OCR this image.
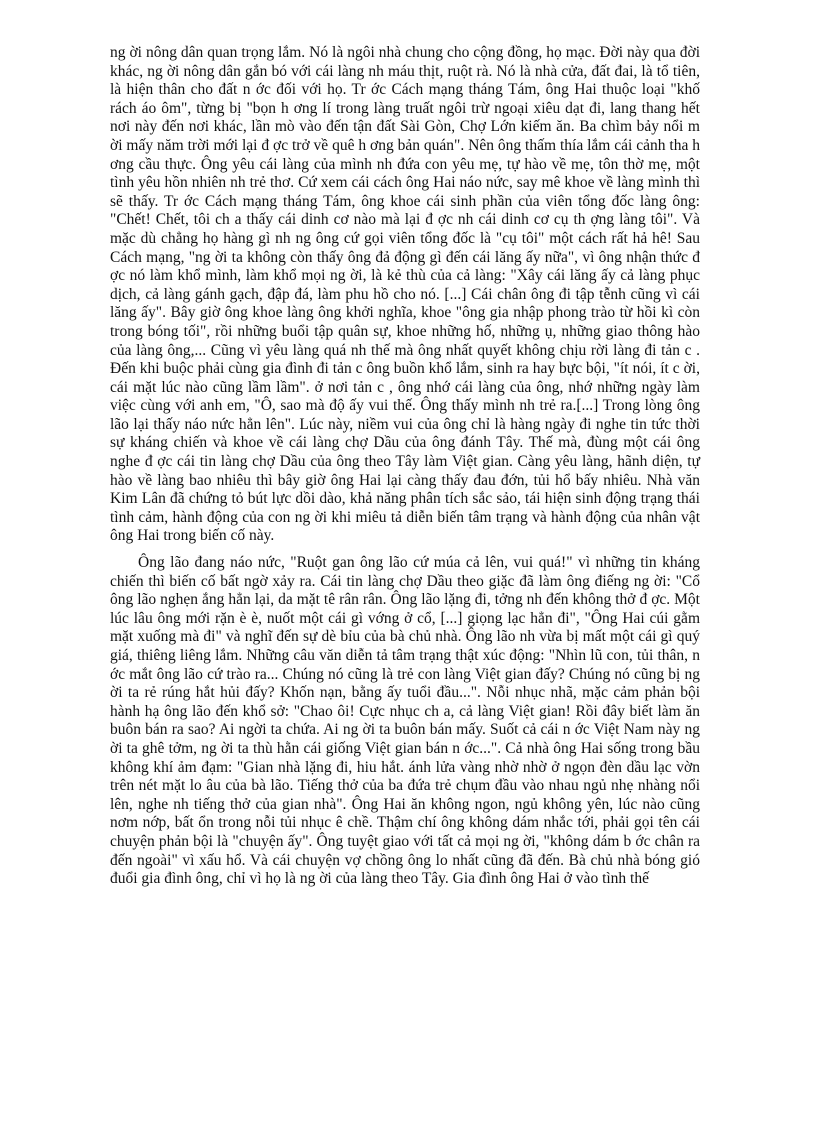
ng ời nông dân quan trọng lắm. Nó là ngôi nhà chung cho cộng đồng, họ mạc. Đời này qua đời khác, ng ời nông dân gắn bó với cái làng nh máu thịt, ruột rà. Nó là nhà cửa, đất đai, là tổ tiên, là hiện thân cho đất n ớc đối với họ. Tr ớc Cách mạng tháng Tám, ông Hai thuộc loại "khố rách áo ôm", từng bị "bọn h ơng lí trong làng truất ngôi trừ ngoại xiêu dạt đi, lang thang hết nơi này đến nơi khác, lần mò vào đến tận đất Sài Gòn, Chợ Lớn kiếm ăn. Ba chìm bảy nổi m ời mấy năm trời mới lại đ ợc trở về quê h ơng bản quán". Nên ông thấm thía lắm cái cảnh tha h ơng cầu thực. Ông yêu cái làng của mình nh đứa con yêu mẹ, tự hào về mẹ, tôn thờ mẹ, một tình yêu hồn nhiên nh trẻ thơ. Cứ xem cái cách ông Hai náo nức, say mê khoe về làng mình thì sẽ thấy. Tr ớc Cách mạng tháng Tám, ông khoe cái sinh phần của viên tổng đốc làng ông: "Chết! Chết, tôi ch a thấy cái dinh cơ nào mà lại đ ợc nh cái dinh cơ cụ th ợng làng tôi". Và mặc dù chẳng họ hàng gì nh ng ông cứ gọi viên tổng đốc là "cụ tôi" một cách rất hả hê! Sau Cách mạng, "ng ời ta không còn thấy ông đả động gì đến cái lăng ấy nữa", vì ông nhận thức đ ợc nó làm khổ mình, làm khổ mọi ng ời, là kẻ thù của cả làng: "Xây cái lăng ấy cả làng phục dịch, cả làng gánh gạch, đập đá, làm phu hồ cho nó. [...] Cái chân ông đi tập tễnh cũng vì cái lăng ấy". Bây giờ ông khoe làng ông khởi nghĩa, khoe "ông gia nhập phong trào từ hồi kì còn trong bóng tối", rồi những buổi tập quân sự, khoe những hố, những ụ, những giao thông hào của làng ông,... Cũng vì yêu làng quá nh thế mà ông nhất quyết không chịu rời làng đi tản c . Đến khi buộc phải cùng gia đình đi tản c ông buồn khổ lắm, sinh ra hay bực bội, "ít nói, ít c ời, cái mặt lúc nào cũng lầm lầm". ở nơi tản c , ông nhớ cái làng của ông, nhớ những ngày làm việc cùng với anh em, "Ô, sao mà độ ấy vui thế. Ông thấy mình nh trẻ ra.[...] Trong lòng ông lão lại thấy náo nức hẳn lên". Lúc này, niềm vui của ông chỉ là hàng ngày đi nghe tin tức thời sự kháng chiến và khoe về cái làng chợ Dầu của ông đánh Tây. Thế mà, đùng một cái ông nghe đ ợc cái tin làng chợ Dầu của ông theo Tây làm Việt gian. Càng yêu làng, hãnh diện, tự hào về làng bao nhiêu thì bây giờ ông Hai lại càng thấy đau đớn, tủi hổ bấy nhiêu. Nhà văn Kim Lân đã chứng tỏ bút lực dồi dào, khả năng phân tích sắc sảo, tái hiện sinh động trạng thái tình cảm, hành động của con ng ời khi miêu tả diễn biến tâm trạng và hành động của nhân vật ông Hai trong biến cố này.

Ông lão đang náo nức, "Ruột gan ông lão cứ múa cả lên, vui quá!" vì những tin kháng chiến thì biến cố bất ngờ xảy ra. Cái tin làng chợ Dầu theo giặc đã làm ông điếng ng ời: "Cổ ông lão nghẹn ắng hẳn lại, da mặt tê rân rân. Ông lão lặng đi, tởng nh đến không thở đ ợc. Một lúc lâu ông mới rặn è è, nuốt một cái gì vớng ở cổ, [...] giọng lạc hẳn đi", "Ông Hai cúi gằm mặt xuống mà đi" và nghĩ đến sự dè bỉu của bà chủ nhà. Ông lão nh vừa bị mất một cái gì quý giá, thiêng liêng lắm. Những câu văn diễn tả tâm trạng thật xúc động: "Nhìn lũ con, tủi thân, n ớc mắt ông lão cứ trào ra... Chúng nó cũng là trẻ con làng Việt gian đấy? Chúng nó cũng bị ng ời ta rẻ rúng hắt hủi đấy? Khốn nạn, bằng ấy tuổi đầu...". Nỗi nhục nhã, mặc cảm phản bội hành hạ ông lão đến khổ sở: "Chao ôi! Cực nhục ch a, cả làng Việt gian! Rồi đây biết làm ăn buôn bán ra sao? Ai ngời ta chứa. Ai ng ời ta buôn bán mấy. Suốt cả cái n ớc Việt Nam này ng ời ta ghê tởm, ng ời ta thù hằn cái giống Việt gian bán n ớc...". Cả nhà ông Hai sống trong bầu không khí ảm đạm: "Gian nhà lặng đi, hiu hắt. ánh lửa vàng nhờ nhờ ở ngọn đèn dầu lạc vờn trên nét mặt lo âu của bà lão. Tiếng thở của ba đứa trẻ chụm đầu vào nhau ngủ nhẹ nhàng nổi lên, nghe nh tiếng thở của gian nhà". Ông Hai ăn không ngon, ngủ không yên, lúc nào cũng nơm nớp, bất ổn trong nỗi tủi nhục ê chề. Thậm chí ông không dám nhắc tới, phải gọi tên cái chuyện phản bội là "chuyện ấy". Ông tuyệt giao với tất cả mọi ng ời, "không dám b ớc chân ra đến ngoài" vì xấu hổ. Và cái chuyện vợ chồng ông lo nhất cũng đã đến. Bà chủ nhà bóng gió đuổi gia đình ông, chỉ vì họ là ng ời của làng theo Tây. Gia đình ông Hai ở vào tình thế
